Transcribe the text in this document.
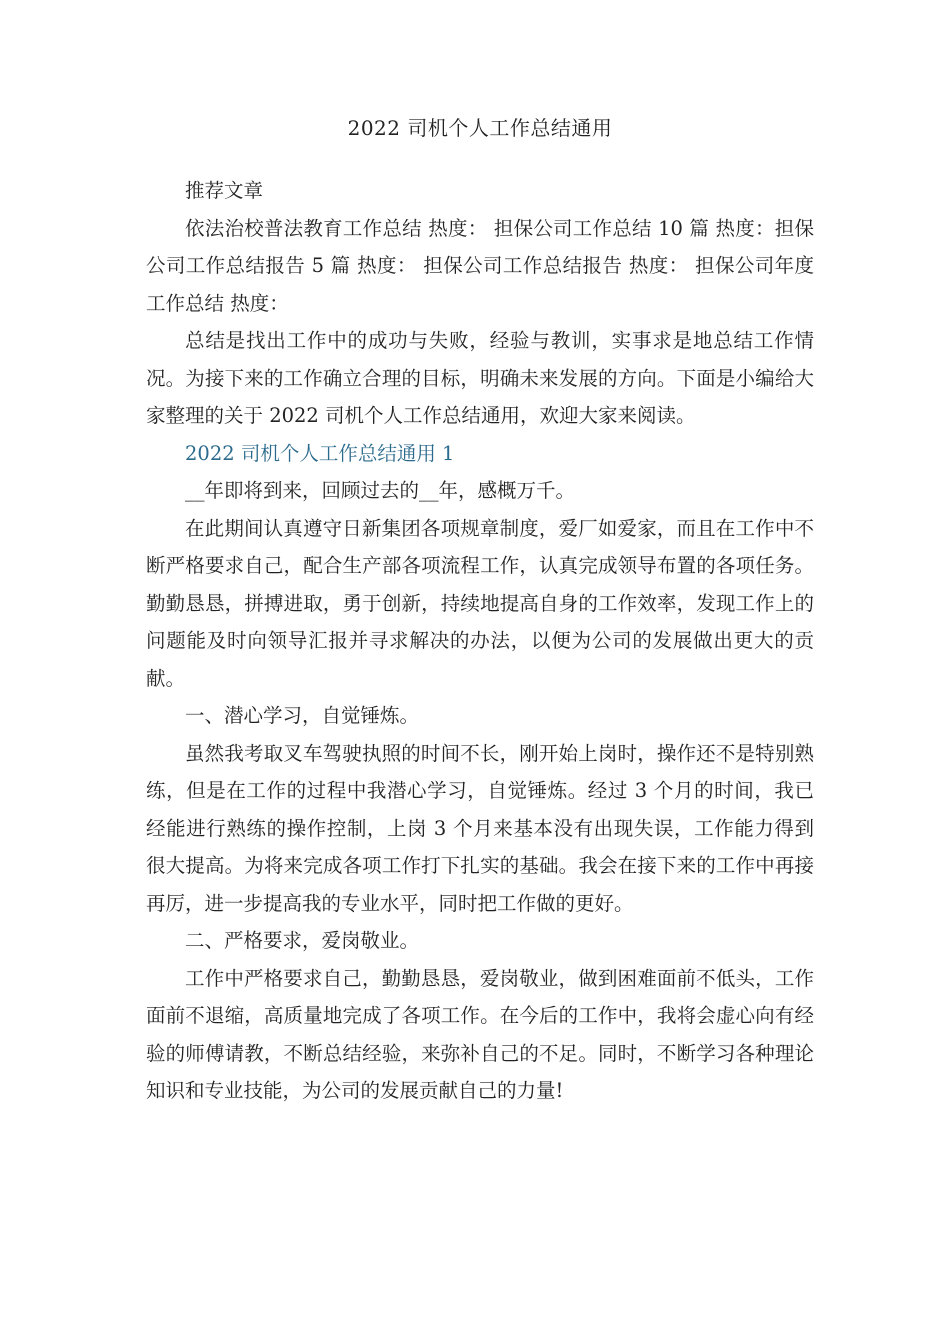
2022 司机个人工作总结通用

推荐文章

依法治校普法教育工作总结 热度： 担保公司工作总结 10 篇 热度：担保公司工作总结报告 5 篇 热度： 担保公司工作总结报告 热度： 担保公司年度工作总结 热度：

总结是找出工作中的成功与失败，经验与教训，实事求是地总结工作情况。为接下来的工作确立合理的目标，明确未来发展的方向。下面是小编给大家整理的关于 2022 司机个人工作总结通用，欢迎大家来阅读。

2022 司机个人工作总结通用 1

__年即将到来，回顾过去的__年，感概万千。

在此期间认真遵守日新集团各项规章制度，爱厂如爱家，而且在工作中不断严格要求自己，配合生产部各项流程工作，认真完成领导布置的各项任务。勤勤恳恳，拼搏进取，勇于创新，持续地提高自身的工作效率，发现工作上的问题能及时向领导汇报并寻求解决的办法，以便为公司的发展做出更大的贡献。

一、潜心学习，自觉锤炼。

虽然我考取叉车驾驶执照的时间不长，刚开始上岗时，操作还不是特别熟练，但是在工作的过程中我潜心学习，自觉锤炼。经过 3 个月的时间，我已经能进行熟练的操作控制，上岗 3 个月来基本没有出现失误，工作能力得到很大提高。为将来完成各项工作打下扎实的基础。我会在接下来的工作中再接再厉，进一步提高我的专业水平，同时把工作做的更好。

二、严格要求，爱岗敬业。

工作中严格要求自己，勤勤恳恳，爱岗敬业，做到困难面前不低头，工作面前不退缩，高质量地完成了各项工作。在今后的工作中，我将会虚心向有经验的师傅请教，不断总结经验，来弥补自己的不足。同时，不断学习各种理论知识和专业技能，为公司的发展贡献自己的力量!
